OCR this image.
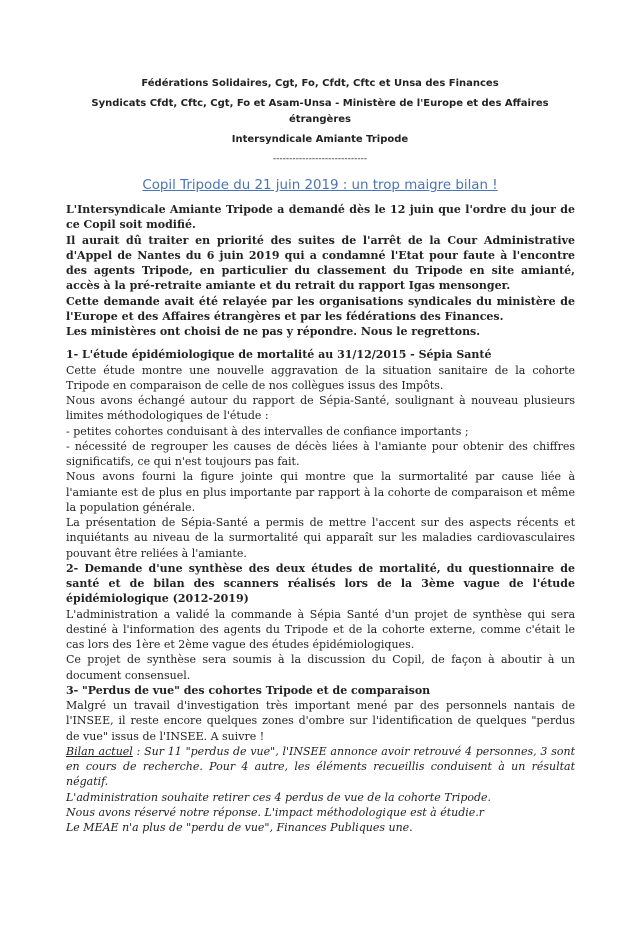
Fédérations Solidaires, Cgt, Fo, Cfdt, Cftc et Unsa des Finances
Syndicats Cfdt, Cftc, Cgt, Fo et Asam-Unsa - Ministère de l'Europe et des Affaires étrangères
Intersyndicale Amiante Tripode
-----------------------------
Copil Tripode du 21 juin 2019 : un trop maigre bilan !

L'Intersyndicale Amiante Tripode a demandé dès le 12 juin que l'ordre du jour de ce Copil soit modifié.

Il aurait dû traiter en priorité des suites de l'arrêt de la Cour Administrative d'Appel de Nantes du 6 juin 2019 qui a condamné l'Etat pour faute à l'encontre des agents Tripode, en particulier du classement du Tripode en site amianté, accès à la pré-retraite amiante et du retrait du rapport Igas mensonger.

Cette demande avait été relayée par les organisations syndicales du ministère de l'Europe et des Affaires étrangères et par les fédérations des Finances.

Les ministères ont choisi de ne pas y répondre. Nous le regrettons.

1- L'étude épidémiologique de mortalité au 31/12/2015 - Sépia Santé

Cette étude montre une nouvelle aggravation de la situation sanitaire de la cohorte Tripode en comparaison de celle de nos collègues issus des Impôts.

Nous avons échangé autour du rapport de Sépia-Santé, soulignant à nouveau plusieurs limites méthodologiques de l'étude :

- petites cohortes conduisant à des intervalles de confiance importants ;

- nécessité de regrouper les causes de décès liées à l'amiante pour obtenir des chiffres significatifs, ce qui n'est toujours pas fait.

Nous avons fourni la figure jointe qui montre que la surmortalité par cause liée à l'amiante est de plus en plus importante par rapport à la cohorte de comparaison et même la population générale.

La présentation de Sépia-Santé a permis de mettre l'accent sur des aspects récents et inquiétants au niveau de la surmortalité qui apparaît sur les maladies cardiovasculaires pouvant être reliées à l'amiante.

2- Demande d'une synthèse des deux études de mortalité, du questionnaire de santé et de bilan des scanners réalisés lors de la 3ème vague de l'étude épidémiologique (2012-2019)

L'administration a validé la commande à Sépia Santé d'un projet de synthèse qui sera destiné à l'information des agents du Tripode et de la cohorte externe, comme c'était le cas lors des 1ère et 2ème vague des études épidémiologiques.

Ce projet de synthèse sera soumis à la discussion du Copil, de façon à aboutir à un document consensuel.

3- "Perdus de vue" des cohortes Tripode et de comparaison

Malgré un travail d'investigation très important mené par des personnels nantais de l'INSEE, il reste encore quelques zones d'ombre sur l'identification de quelques "perdus de vue" issus de l'INSEE. A suivre !

Bilan actuel : Sur 11 "perdus de vue", l'INSEE annonce avoir retrouvé 4 personnes, 3 sont en cours de recherche. Pour 4 autre, les éléments recueillis conduisent à un résultat négatif.

L'administration souhaite retirer ces 4 perdus de vue de la cohorte Tripode.

Nous avons réservé notre réponse. L'impact méthodologique est à étudie.r

Le MEAE n'a plus de "perdu de vue", Finances Publiques une.
